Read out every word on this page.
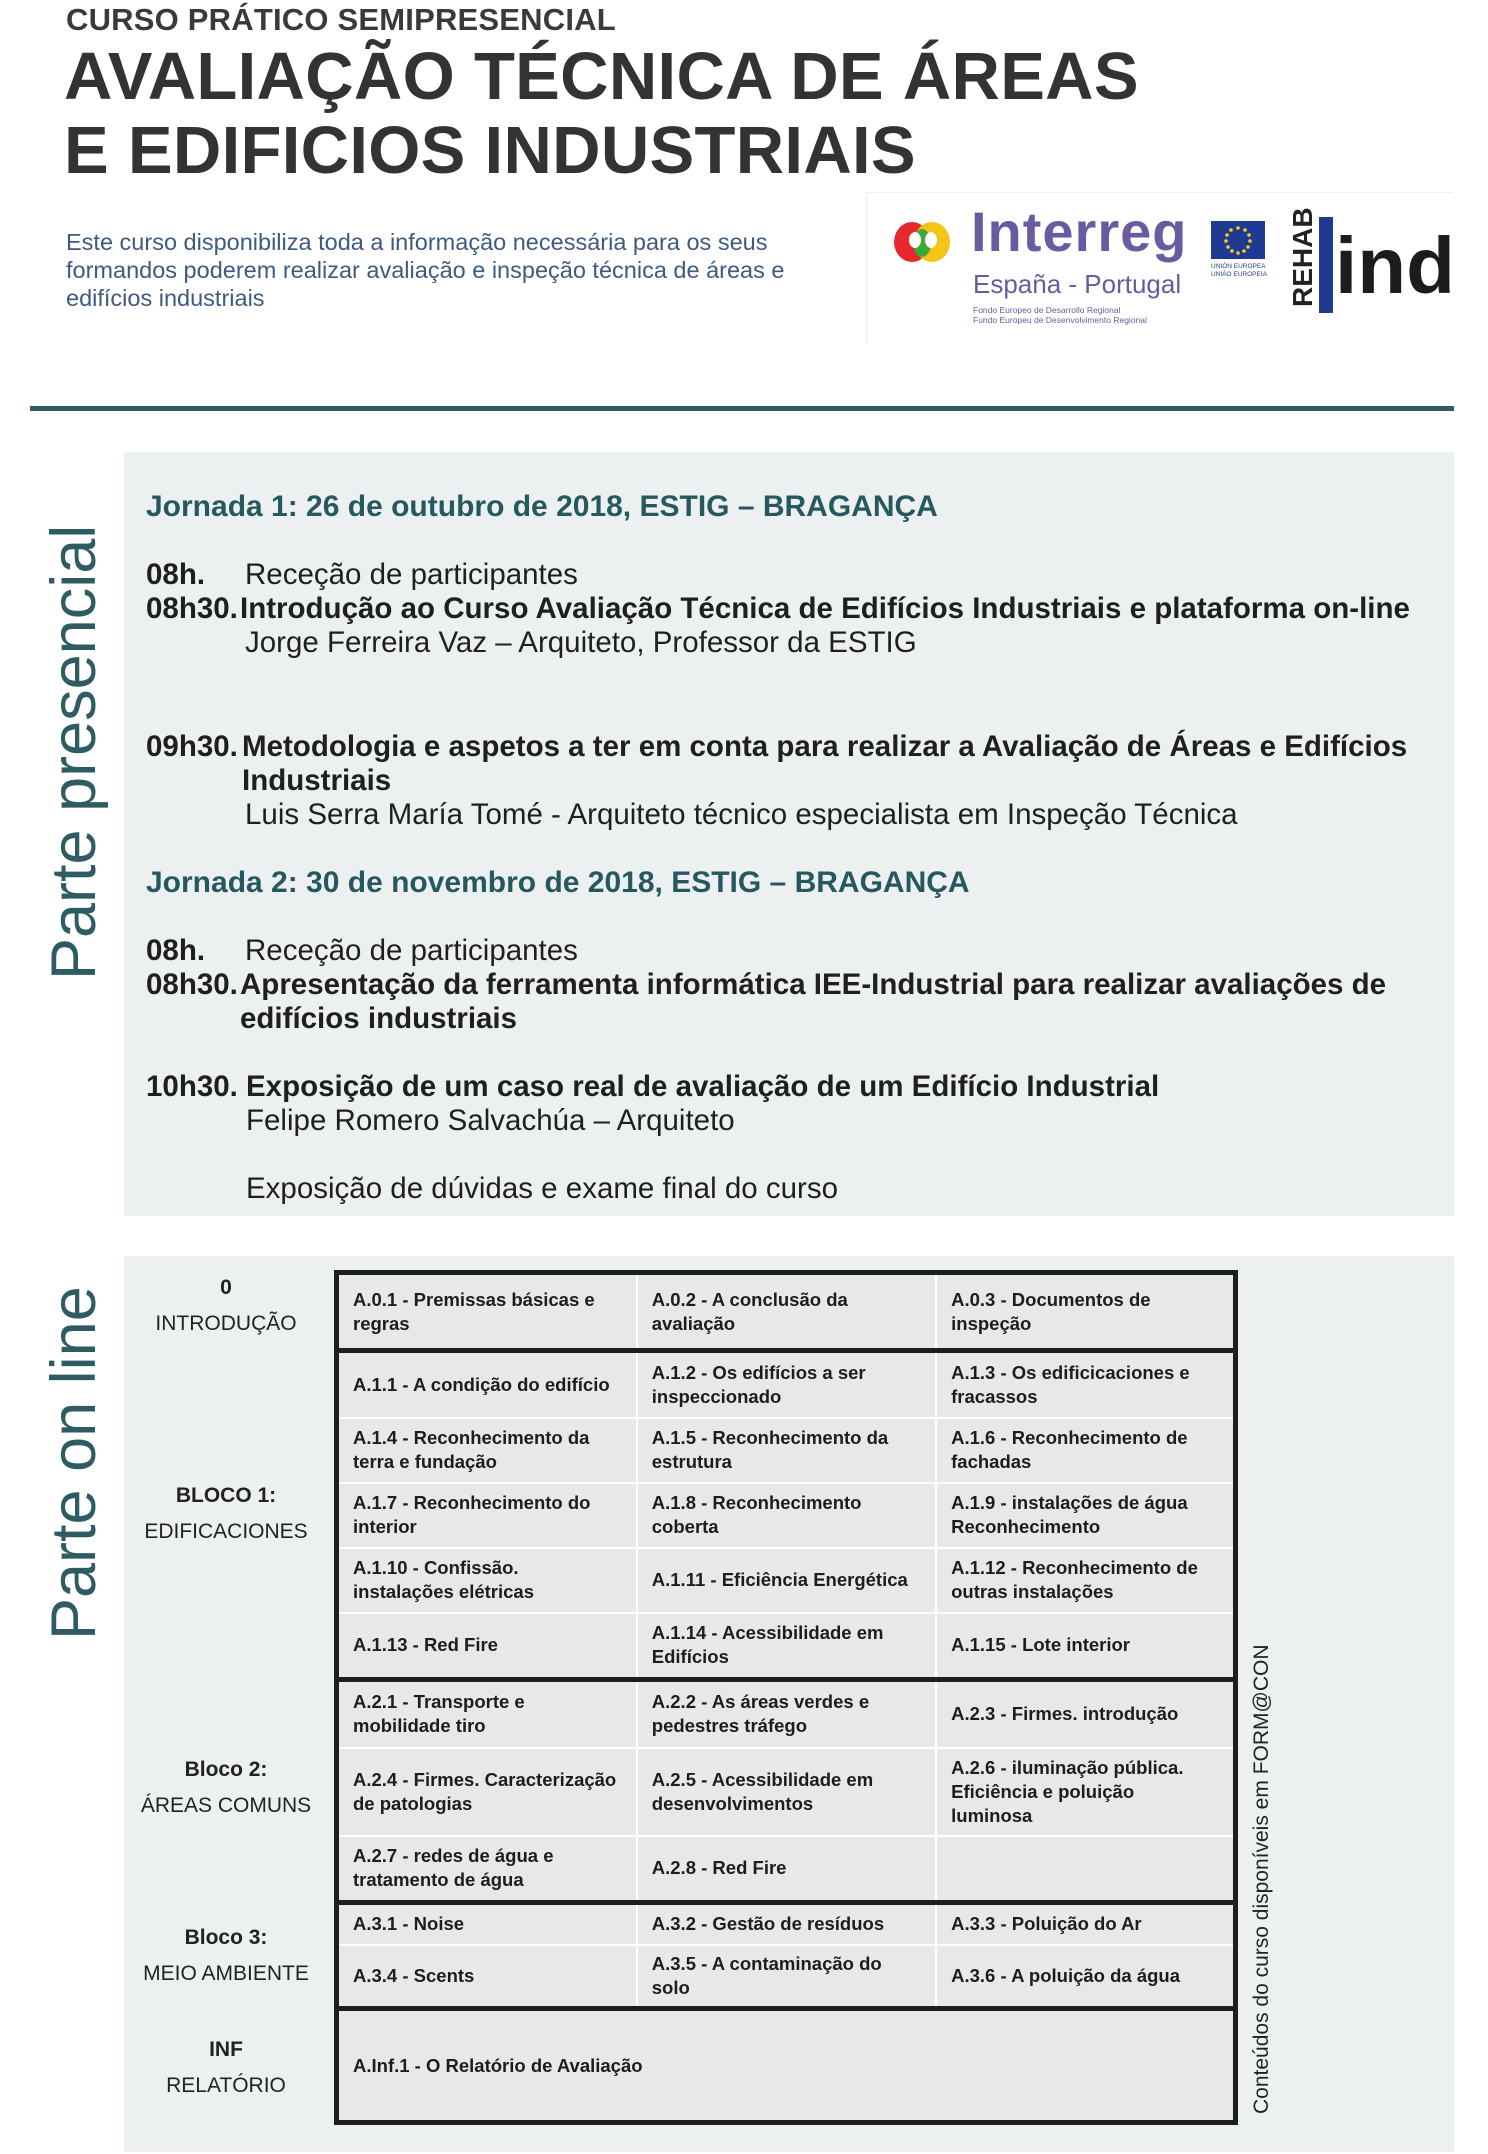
CURSO PRÁTICO SEMIPRESENCIAL
AVALIAÇÃO TÉCNICA DE ÁREAS
E EDIFICIOS INDUSTRIAIS
Este curso disponibiliza toda a informação necessária para os seus formandos poderem realizar avaliação e inspeção técnica de áreas e edifícios industriais
Interreg
España - Portugal
Fondo Europeo de Desarrollo Regional
Fundo Europeu de Desenvolvimento Regional
UNIÓN EUROPEA
UNIÃO EUROPEIA REHAB ind
Parte presencial
Jornada 1: 26 de outubro de 2018, ESTIG – BRAGANÇA
08h. Receção de participantes
08h30. Introdução ao Curso Avaliação Técnica de Edifícios Industriais e plataforma on-line
Jorge Ferreira Vaz – Arquiteto, Professor da ESTIG
09h30. Metodologia e aspetos a ter em conta para realizar a Avaliação de Áreas e Edifícios Industriais
Luis Serra María Tomé - Arquiteto técnico especialista em Inspeção Técnica
Jornada 2: 30 de novembro de 2018, ESTIG – BRAGANÇA
08h. Receção de participantes
08h30. Apresentação da ferramenta informática IEE-Industrial para realizar avaliações de edifícios industriais
10h30. Exposição de um caso real de avaliação de um Edifício Industrial
Felipe Romero Salvachúa – Arquiteto
Exposição de dúvidas e exame final do curso
Parte on line	0
INTRODUÇÃO
BLOCO 1:
EDIFICACIONES
Bloco 2:
ÁREAS COMUNS
Bloco 3:
MEIO AMBIENTE
INF
RELATÓRIO
A.0.1 - Premissas básicas e regras	A.0.2 - A conclusão da avaliação	A.0.3 - Documentos de inspeção
A.1.1 - A condição do edifício	A.1.2 - Os edifícios a ser inspeccionado	A.1.3 - Os edificicaciones e fracassos
A.1.4 - Reconhecimento da terra e fundação	A.1.5 - Reconhecimento da estrutura	A.1.6 - Reconhecimento de fachadas
A.1.7 - Reconhecimento do interior	A.1.8 - Reconhecimento coberta	A.1.9 - instalações de água Reconhecimento
A.1.10 - Confissão. instalações elétricas	A.1.11 - Eficiência Energética	A.1.12 - Reconhecimento de outras instalações
A.1.13 - Red Fire	A.1.14 - Acessibilidade em Edifícios	A.1.15 - Lote interior
A.2.1 - Transporte e mobilidade tiro	A.2.2 - As áreas verdes e pedestres tráfego	A.2.3 - Firmes. introdução
A.2.4 - Firmes. Caracterização de patologias	A.2.5 - Acessibilidade em desenvolvimentos	A.2.6 - iluminação pública. Eficiência e poluição luminosa
A.2.7 - redes de água e tratamento de água	A.2.8 - Red Fire	
A.3.1 - Noise	A.3.2 - Gestão de resíduos	A.3.3 - Poluição do Ar
A.3.4 - Scents	A.3.5 - A contaminação do solo	A.3.6 - A poluição da água
A.Inf.1 - O Relatório de Avaliação			Conteúdos do curso disponíveis em FORM@CON
